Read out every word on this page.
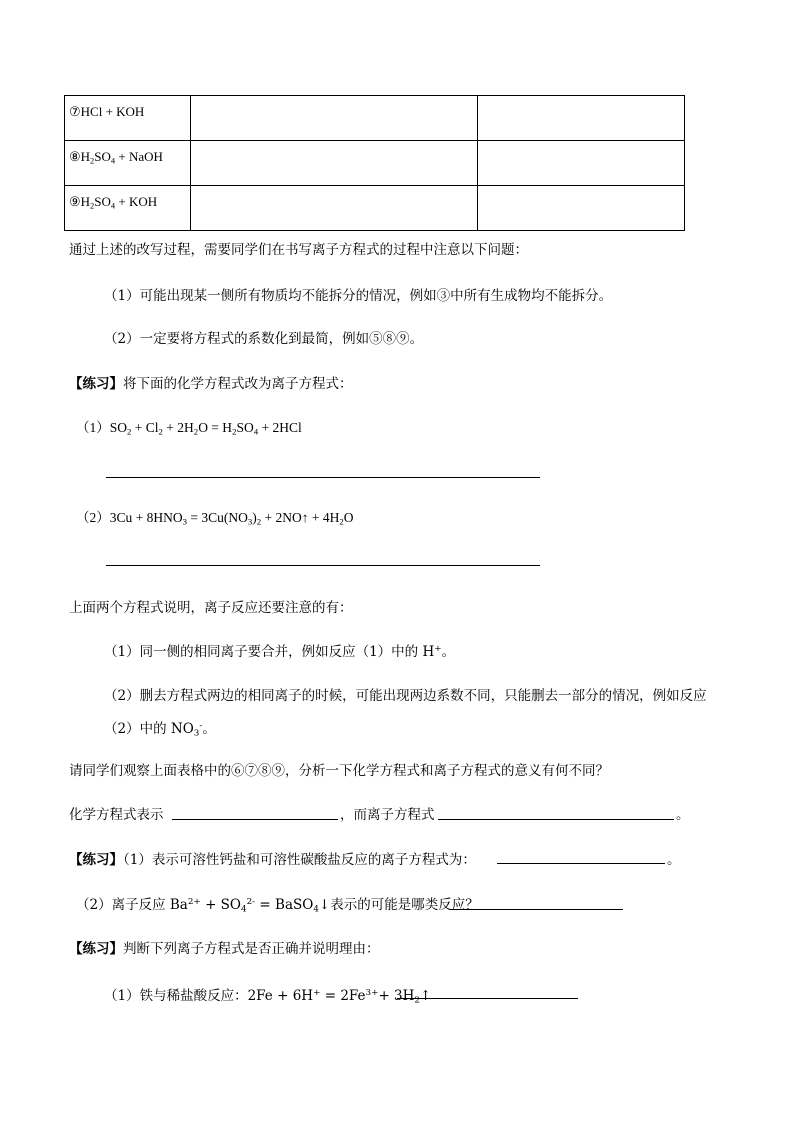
⑦HCl + KOH		
$⑧H_2SO_4$ + NaOH		
$⑨H_2SO_4$ + KOH		
通过上述的改写过程，需要同学们在书写离子方程式的过程中注意以下问题：
（1）可能出现某一侧所有物质均不能拆分的情况，例如③中所有生成物均不能拆分。
（2）一定要将方程式的系数化到最简，例如⑤⑧⑨。
【练习】将下面的化学方程式改为离子方程式：
$(1)SO_2 + Cl_2 + 2H_2O = H_2SO_4 + 2HCl$
$(2)3Cu + 8HNO_3 = 3Cu(NO_3)_2$ + 2NO↑ + $4H_2O$
上面两个方程式说明，离子反应还要注意的有：
（1）同一侧的相同离子要合并，例如反应（1）中的 H+。
（2）删去方程式两边的相同离子的时候，可能出现两边系数不同，只能删去一部分的情况，例如反应
（2）中的 $NO_3^-$。
请同学们观察上面表格中的⑥⑦⑧⑨，分析一下化学方程式和离子方程式的意义有何不同？
化学方程式表示	，而离子方程式	。
【练习】（1）表示可溶性钙盐和可溶性碳酸盐反应的离子方程式为：	。
（2）离子反应 $Ba^{2+} + SO_4^{2-}$ = BaSO$_4$↓表示的可能是哪类反应？
【练习】判断下列离子方程式是否正确并说明理由：
（1）铁与稀盐酸反应：$2Fe + 6H^+ = 2Fe^{3+}+$ $3H_2↑$
